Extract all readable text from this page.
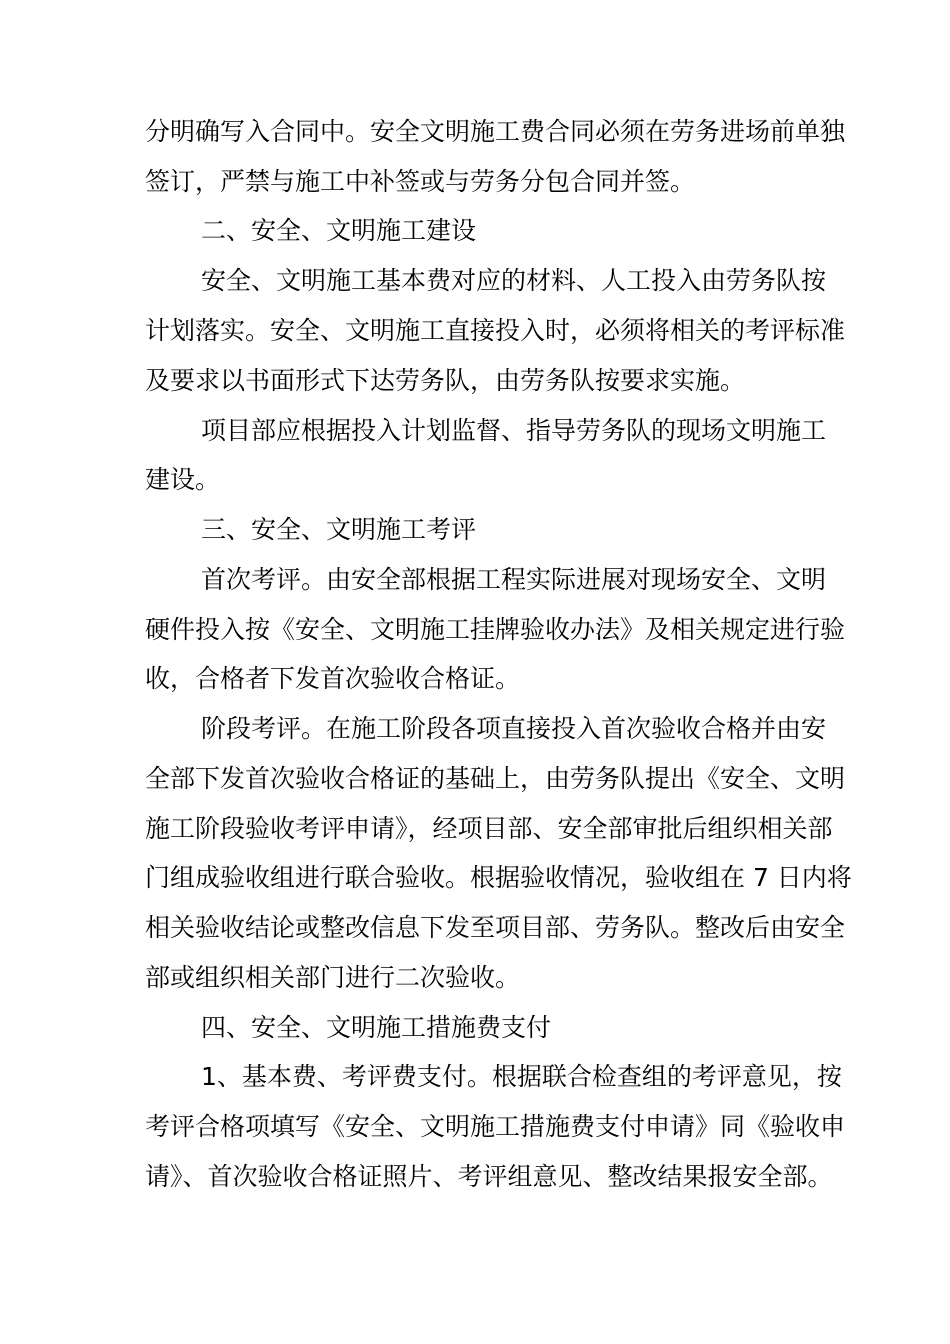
分明确写入合同中。安全文明施工费合同必须在劳务进场前单独
签订，严禁与施工中补签或与劳务分包合同并签。
二、安全、文明施工建设
安全、文明施工基本费对应的材料、人工投入由劳务队按
计划落实。安全、文明施工直接投入时，必须将相关的考评标准
及要求以书面形式下达劳务队，由劳务队按要求实施。
项目部应根据投入计划监督、指导劳务队的现场文明施工
建设。
三、安全、文明施工考评
首次考评。由安全部根据工程实际进展对现场安全、文明
硬件投入按《安全、文明施工挂牌验收办法》及相关规定进行验
收，合格者下发首次验收合格证。
阶段考评。在施工阶段各项直接投入首次验收合格并由安
全部下发首次验收合格证的基础上，由劳务队提出《安全、文明
施工阶段验收考评申请》，经项目部、安全部审批后组织相关部
门组成验收组进行联合验收。根据验收情况，验收组在 7 日内将
相关验收结论或整改信息下发至项目部、劳务队。整改后由安全
部或组织相关部门进行二次验收。
四、安全、文明施工措施费支付
1、基本费、考评费支付。根据联合检查组的考评意见，按
考评合格项填写《安全、文明施工措施费支付申请》同《验收申
请》、首次验收合格证照片、考评组意见、整改结果报安全部。
